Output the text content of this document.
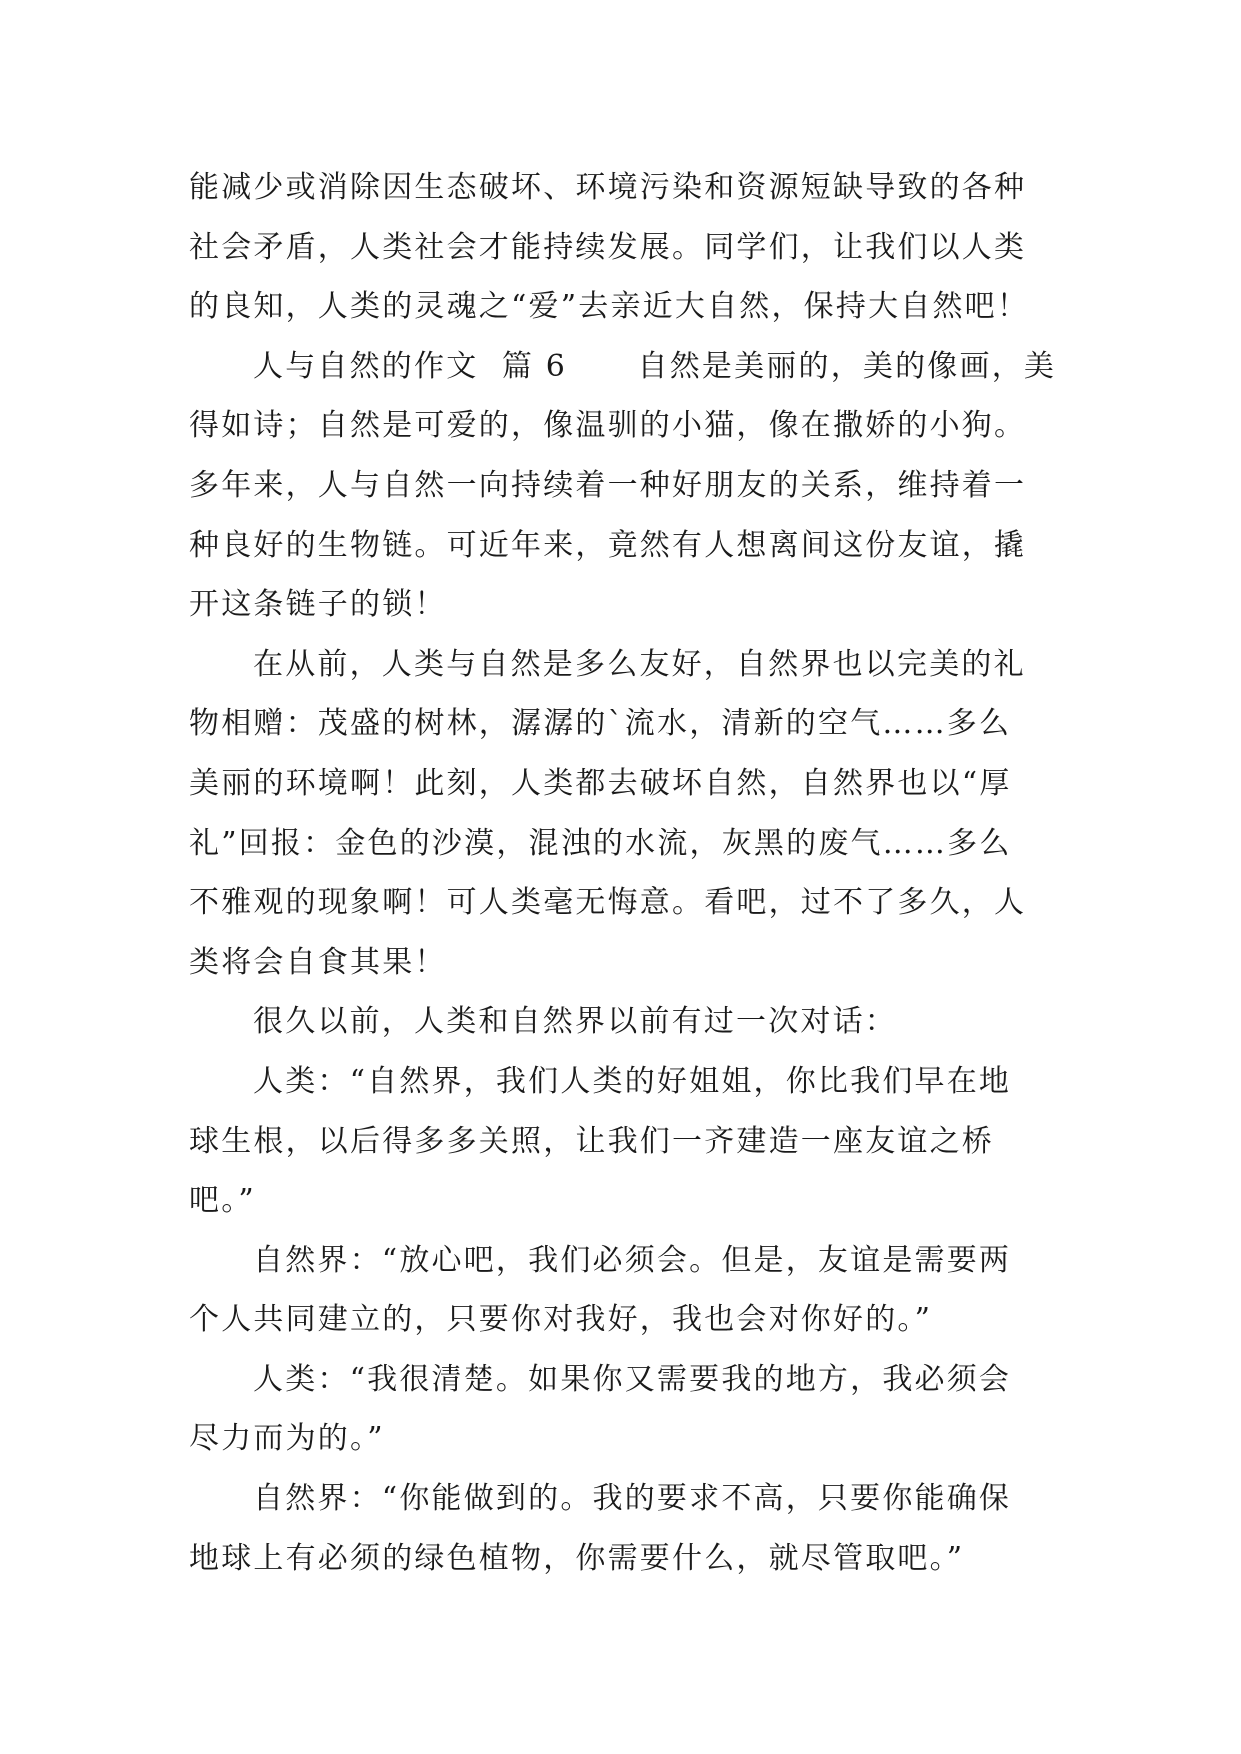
能减少或消除因生态破坏、环境污染和资源短缺导致的各种
社会矛盾，人类社会才能持续发展。同学们，让我们以人类
的良知，人类的灵魂之“爱”去亲近大自然，保持大自然吧！
人与自然的作文  篇 6      自然是美丽的，美的像画，美
得如诗；自然是可爱的，像温驯的小猫，像在撒娇的小狗。
多年来，人与自然一向持续着一种好朋友的关系，维持着一
种良好的生物链。可近年来，竟然有人想离间这份友谊，撬
开这条链子的锁！
在从前，人类与自然是多么友好，自然界也以完美的礼
物相赠：茂盛的树林，潺潺的`流水，清新的空气……多么
美丽的环境啊！此刻，人类都去破坏自然，自然界也以“厚
礼”回报：金色的沙漠，混浊的水流，灰黑的废气……多么
不雅观的现象啊！可人类毫无悔意。看吧，过不了多久，人
类将会自食其果！
很久以前，人类和自然界以前有过一次对话：
人类：“自然界，我们人类的好姐姐，你比我们早在地
球生根，以后得多多关照，让我们一齐建造一座友谊之桥
吧。”
自然界：“放心吧，我们必须会。但是，友谊是需要两
个人共同建立的，只要你对我好，我也会对你好的。”
人类：“我很清楚。如果你又需要我的地方，我必须会
尽力而为的。”
自然界：“你能做到的。我的要求不高，只要你能确保
地球上有必须的绿色植物，你需要什么，就尽管取吧。”
